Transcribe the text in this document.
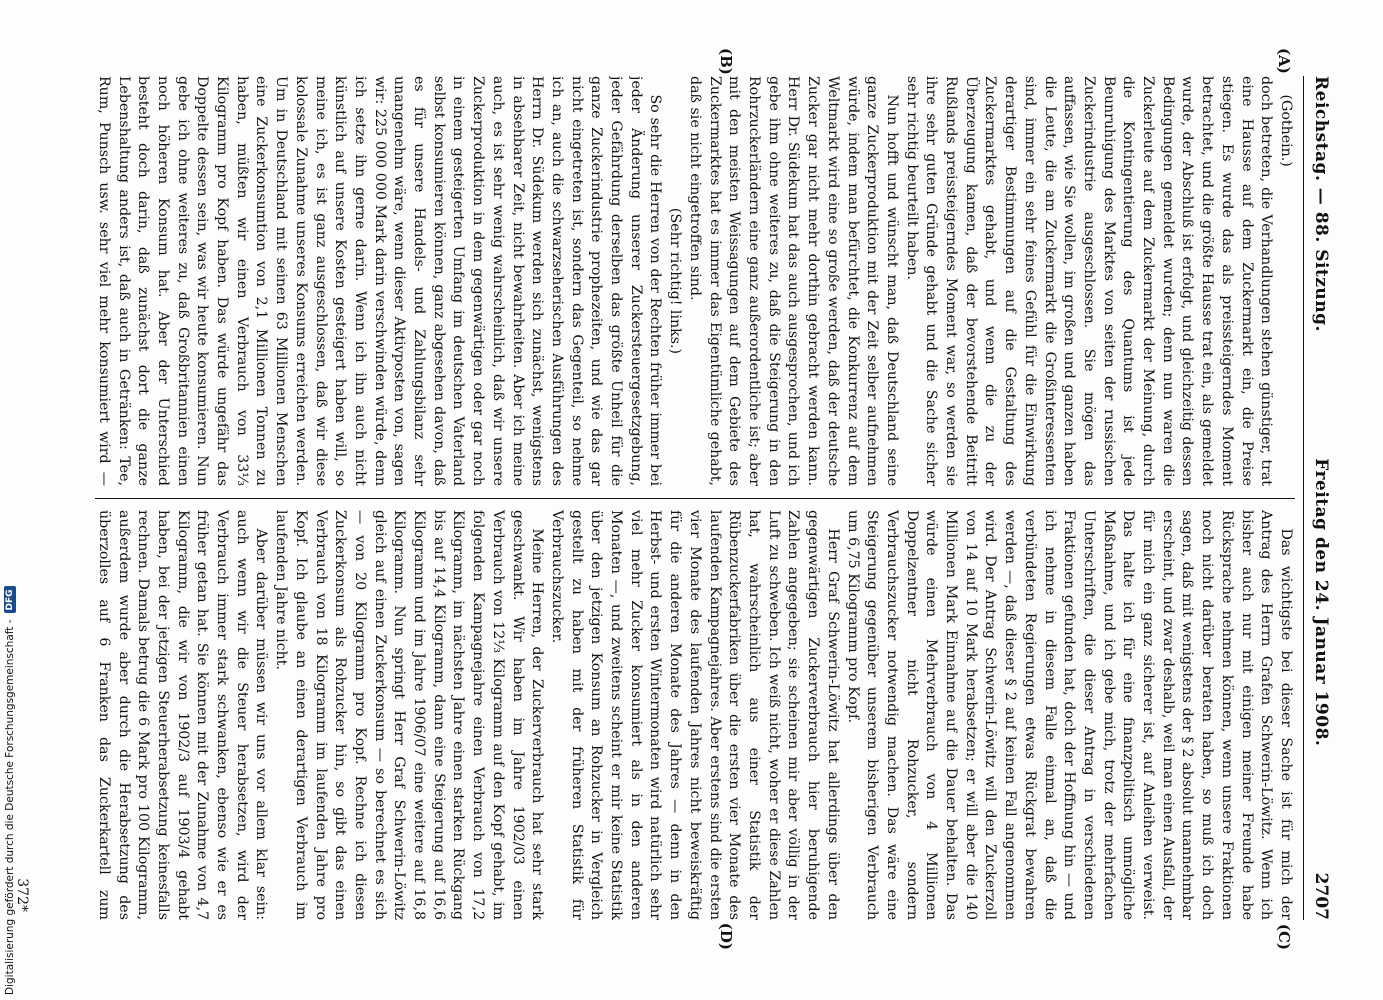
Reichstag. — 88. Sitzung.
Freitag den 24. Januar 1908.
2707
(A)
(B)
(C)
(D)

(Gothein.)

doch betreten, die Verhandlungen stehen günstiger, trat eine Hausse auf dem Zuckermarkt ein, die Preise stiegen. Es wurde das als preissteigerndes Moment betrachtet, und die größte Hausse trat ein, als gemeldet wurde, der Abschluß ist erfolgt, und gleichzeitig dessen Bedingungen gemeldet wurden; denn nun waren die Zuckerleute auf dem Zuckermarkt der Meinung, durch die Kontingentierung des Quantums ist jede Beunruhigung des Marktes von seiten der russischen Zuckerindustrie ausgeschlossen. Sie mögen das auffassen, wie Sie wollen, im großen und ganzen haben die Leute, die am Zuckermarkt die Großinteressenten sind, immer ein sehr feines Gefühl für die Einwirkung derartiger Bestimmungen auf die Gestaltung des Zuckermarktes gehabt, und wenn die zu der Überzeugung kamen, daß der bevorstehende Beitritt Rußlands preissteigerndes Moment war, so werden sie ihre sehr guten Gründe gehabt und die Sache sicher sehr richtig beurteilt haben.

Nun hofft und wünscht man, daß Deutschland seine ganze Zuckerproduktion mit der Zeit selber aufnehmen würde, indem man befürchtet, die Konkurrenz auf dem Weltmarkt wird eine so große werden, daß der deutsche Zucker gar nicht mehr dorthin gebracht werden kann. Herr Dr. Südekum hat das auch ausgesprochen, und ich gebe ihm ohne weiteres zu, daß die Steigerung in den Rohrzuckerländern eine ganz außerordentliche ist; aber mit den meisten Weissagungen auf dem Gebiete des Zuckermarktes hat es immer das Eigentümliche gehabt, daß sie nicht eingetroffen sind.

(Sehr richtig! links.)

So sehr die Herren von der Rechten früher immer bei jeder Änderung unserer Zuckersteuergesetzgebung, jeder Gefährdung derselben das größte Unheil für die ganze Zuckerindustrie prophezeiten, und wie das gar nicht eingetreten ist, sondern das Gegenteil, so nehme ich an, auch die schwarzseherischen Ausführungen des Herrn Dr. Südekum werden sich zunächst, wenigstens in absehbarer Zeit, nicht bewahrheiten. Aber ich meine auch, es ist sehr wenig wahrscheinlich, daß wir unsere Zuckerproduktion in dem gegenwärtigen oder gar noch in einem gesteigerten Umfang im deutschen Vaterland selbst konsumieren können, ganz abgesehen davon, daß es für unsere Handels- und Zahlungsbilanz sehr unangenehm wäre, wenn dieser Aktivposten von, sagen wir: 225 000 000 Mark darin verschwinden würde, denn ich setze ihn gerne darin. Wenn ich ihn auch nicht künstlich auf unsere Kosten gesteigert haben will, so meine ich, es ist ganz ausgeschlossen, daß wir diese kolossale Zunahme unseres Konsums erreichen werden. Um in Deutschland mit seinen 63 Millionen Menschen eine Zuckerkonsumtion von 2,1 Millionen Tonnen zu haben, müßten wir einen Verbrauch von 33⅓ Kilogramm pro Kopf haben. Das würde ungefähr das Doppelte dessen sein, was wir heute konsumieren. Nun gebe ich ohne weiteres zu, daß Großbritannien einen noch höheren Konsum hat. Aber der Unterschied besteht doch darin, daß zunächst dort die ganze Lebenshaltung anders ist, daß auch in Getränken: Tee, Rum, Punsch usw. sehr viel mehr konsumiert wird —

Das wichtigste bei dieser Sache ist für mich der Antrag des Herrn Grafen Schwerin-Löwitz. Wenn ich bisher auch nur mit einigen meiner Freunde habe Rücksprache nehmen können, wenn unsere Fraktionen noch nicht darüber beraten haben, so muß ich doch sagen, daß mit wenigstens der § 2 absolut unannehmbar erscheint, und zwar deshalb, weil man einen Ausfall, der für mich ein ganz sicherer ist, auf Anleihen verweist. Das halte ich für eine finanzpolitisch unmögliche Maßnahme, und ich gebe mich, trotz der mehrfachen Unterschriften, die dieser Antrag in verschiedenen Fraktionen gefunden hat, doch der Hoffnung hin — und ich nehme in diesem Falle einmal an, daß die verbündeten Regierungen etwas Rückgrat bewahren werden —, daß dieser § 2 auf keinen Fall angenommen wird. Der Antrag Schwerin-Löwitz will den Zuckerzoll von 14 auf 10 Mark herabsetzen; er will aber die 140 Millionen Mark Einnahme auf die Dauer behalten. Das würde einen Mehrverbrauch von 4 Millionen Doppelzentner nicht Rohzucker, sondern Verbrauchszucker notwendig machen. Das wäre eine Steigerung gegenüber unserem bisherigen Verbrauch um 6,75 Kilogramm pro Kopf.

Herr Graf Schwerin-Löwitz hat allerdings über den gegenwärtigen Zuckerverbrauch hier beruhigende Zahlen angegeben; sie scheinen mir aber völlig in der Luft zu schweben. Ich weiß nicht, woher er diese Zahlen hat, wahrscheinlich aus einer Statistik der Rübenzuckerfabriken über die ersten vier Monate des laufenden Kampagnejahres. Aber erstens sind die ersten vier Monate des laufenden Jahres nicht beweiskräftig für die anderen Monate des Jahres — denn in den Herbst- und ersten Wintermonaten wird natürlich sehr viel mehr Zucker konsumiert als in den anderen Monaten —, und zweitens scheint er mir keine Statistik über den jetzigen Konsum an Rohzucker in Vergleich gestellt zu haben mit der früheren Statistik für Verbrauchszucker.

Meine Herren, der Zuckerverbrauch hat sehr stark geschwankt. Wir haben im Jahre 1902/03 einen Verbrauch von 12⅓ Kilogramm auf den Kopf gehabt, im folgenden Kampagnejahre einen Verbrauch von 17,2 Kilogramm, im nächsten Jahre einen starken Rückgang bis auf 14,4 Kilogramm, dann eine Steigerung auf 16,6 Kilogramm und im Jahre 1906/07 eine weitere auf 16,8 Kilogramm. Nun springt Herr Graf Schwerin-Löwitz gleich auf einen Zuckerkonsum — so berechnet es sich — von 20 Kilogramm pro Kopf. Rechne ich diesen Zuckerkonsum als Rohzucker hin, so gibt das einen Verbrauch von 18 Kilogramm im laufenden Jahre pro Kopf. Ich glaube an einen derartigen Verbrauch im laufenden Jahre nicht.

Aber darüber müssen wir uns vor allem klar sein: auch wenn wir die Steuer herabsetzen, wird der Verbrauch immer stark schwanken, ebenso wie er es früher getan hat. Sie können mit der Zunahme von 4,7 Kilogramm, die wir von 1902/3 auf 1903/4 gehabt haben, bei der jetzigen Steuerherabsetzung keinesfalls rechnen. Damals betrug die 6 Mark pro 100 Kilogramm, außerdem wurde aber durch die Herabsetzung des überzolles auf 6 Franken das Zuckerkartell zum

372*
Digitalisierung gefördert durch die Deutsche Forschungsgemeinschaft -
DFG
